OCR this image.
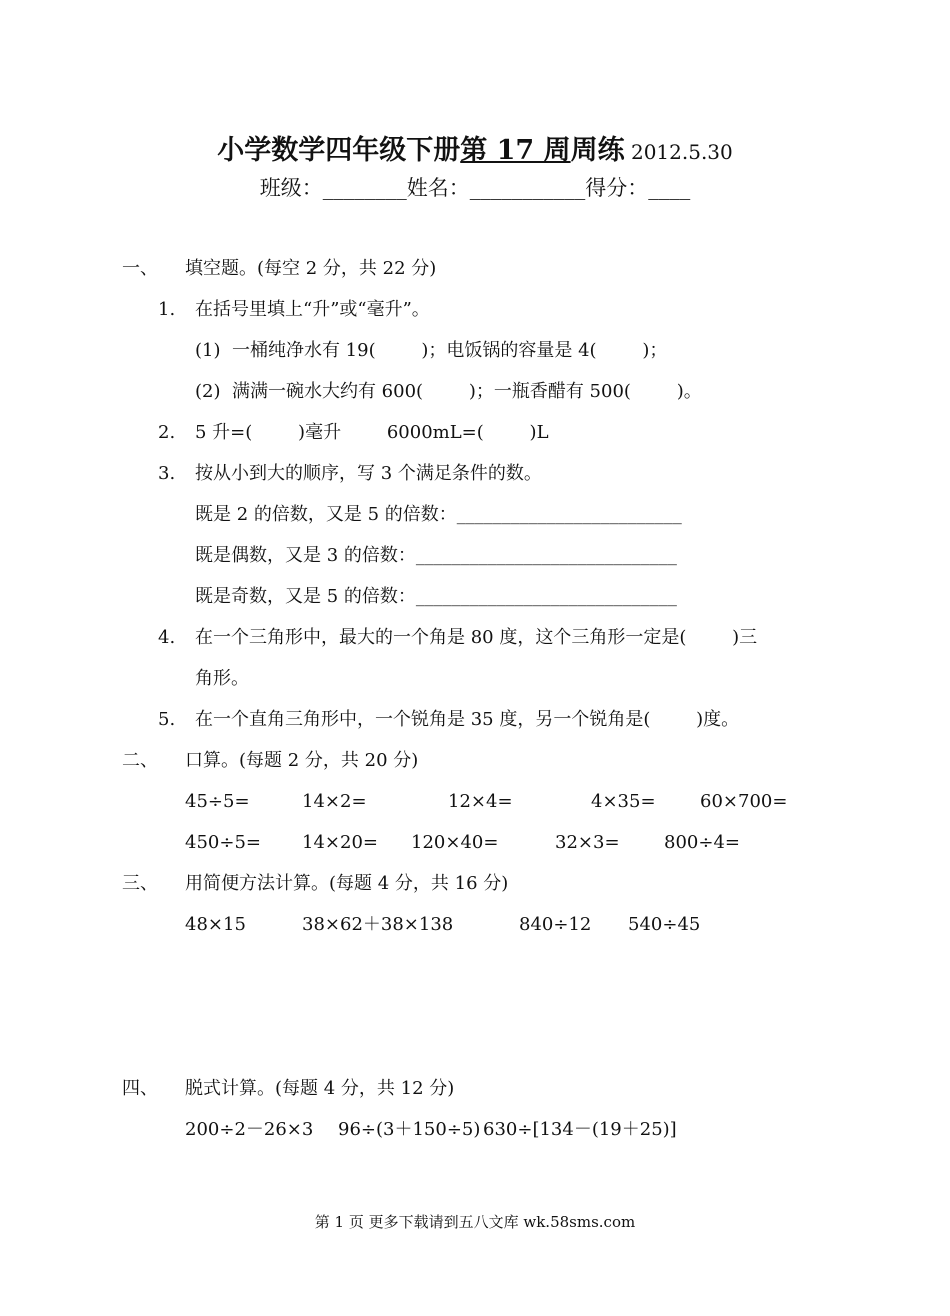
小学数学四年级下册第 17 周周练 2012.5.30
班级：________姓名：___________得分：____
一、 填空题。(每空 2 分，共 22 分)
1. 在括号里填上“升”或“毫升”。
(1)  一桶纯净水有 19(        )；电饭锅的容量是 4(        )；
(2)  满满一碗水大约有 600(        )；一瓶香醋有 500(        )。
2. 5 升=(        )毫升        6000mL=(        )L
3. 按从小到大的顺序，写 3 个满足条件的数。
既是 2 的倍数，又是 5 的倍数：_________________________
既是偶数，又是 3 的倍数：_____________________________
既是奇数，又是 5 的倍数：_____________________________
4. 在一个三角形中，最大的一个角是 80 度，这个三角形一定是(        )三
角形。
5. 在一个直角三角形中，一个锐角是 35 度，另一个锐角是(        )度。
二、 口算。(每题 2 分，共 20 分)
45÷5=	14×2=	12×4=	4×35= 60×700=
450÷5= 14×20= 120×40=	32×3= 800÷4=
三、 用简便方法计算。(每题 4 分，共 16 分)
48×15	38×62＋38×138	840÷12 540÷45
四、 脱式计算。(每题 4 分，共 12 分)
200÷2－26×3 96÷(3＋150÷5) 630÷[134－(19＋25)]
第 1 页 更多下载请到五八文库 wk.58sms.com
